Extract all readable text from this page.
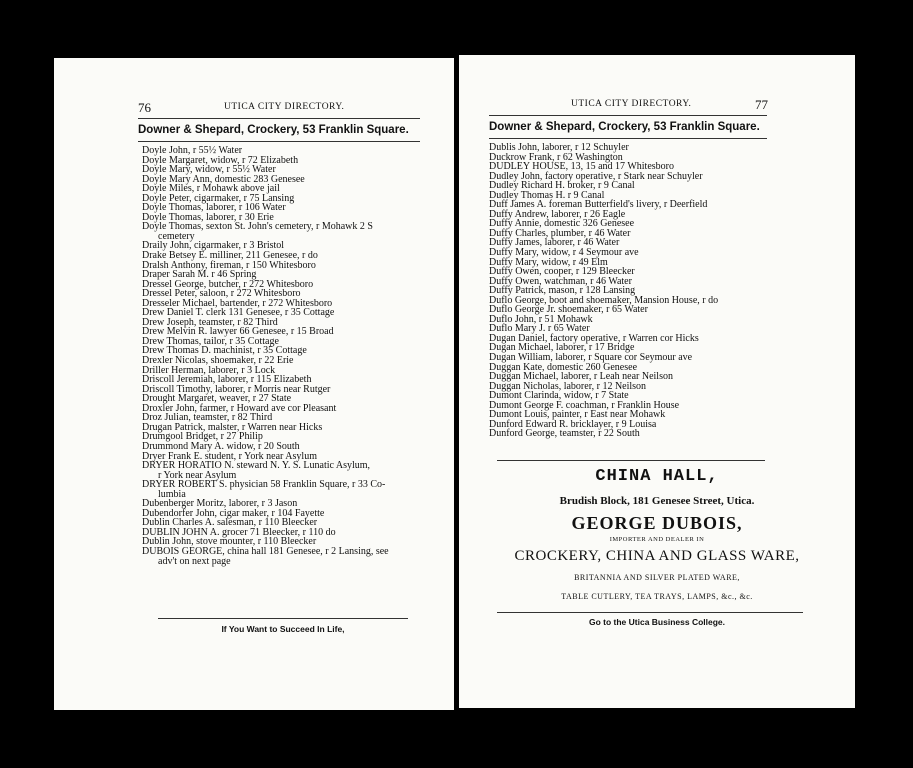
76	UTICA CITY DIRECTORY.
Downer & Shepard, Crockery, 53 Franklin Square.
Doyle John, r 55½ Water
Doyle Margaret, widow, r 72 Elizabeth
Doyle Mary, widow, r 55½ Water
Doyle Mary Ann, domestic 283 Genesee
Doyle Miles, r Mohawk above jail
Doyle Peter, cigarmaker, r 75 Lansing
Doyle Thomas, laborer, r 106 Water
Doyle Thomas, laborer, r 30 Erie
Doyle Thomas, sexton St. John's cemetery, r Mohawk 2 S
cemetery
Draily John, cigarmaker, r 3 Bristol
Drake Betsey E. milliner, 211 Genesee, r do
Dralsh Anthony, fireman, r 150 Whitesboro
Draper Sarah M. r 46 Spring
Dressel George, butcher, r 272 Whitesboro
Dressel Peter, saloon, r 272 Whitesboro
Dresseler Michael, bartender, r 272 Whitesboro
Drew Daniel T. clerk 131 Genesee, r 35 Cottage
Drew Joseph, teamster, r 82 Third
Drew Melvin R. lawyer 66 Genesee, r 15 Broad
Drew Thomas, tailor, r 35 Cottage
Drew Thomas D. machinist, r 35 Cottage
Drexler Nicolas, shoemaker, r 22 Erie
Driller Herman, laborer, r 3 Lock
Driscoll Jeremiah, laborer, r 115 Elizabeth
Driscoll Timothy, laborer, r Morris near Rutger
Drought Margaret, weaver, r 27 State
Droxler John, farmer, r Howard ave cor Pleasant
Droz Julian, teamster, r 82 Third
Drugan Patrick, malster, r Warren near Hicks
Drumgool Bridget, r 27 Philip
Drummond Mary A. widow, r 20 South
Dryer Frank E. student, r York near Asylum
DRYER HORATIO N. steward N. Y. S. Lunatic Asylum,
r York near Asylum
DRYER ROBERT S. physician 58 Franklin Square, r 33 Co-
lumbia
Dubenberger Moritz, laborer, r 3 Jason
Dubendorfer John, cigar maker, r 104 Fayette
Dublin Charles A. salesman, r 110 Bleecker
DUBLIN JOHN A. grocer 71 Bleecker, r 110 do
Dublin John, stove mounter, r 110 Bleecker
DUBOIS GEORGE, china hall 181 Genesee, r 2 Lansing, see
adv't on next page
If You Want to Succeed In Life,
UTICA CITY DIRECTORY.	77
Downer & Shepard, Crockery, 53 Franklin Square.
Dublis John, laborer, r 12 Schuyler
Duckrow Frank, r 62 Washington
DUDLEY HOUSE, 13, 15 and 17 Whitesboro
Dudley John, factory operative, r Stark near Schuyler
Dudley Richard H. broker, r 9 Canal
Dudley Thomas H. r 9 Canal
Duff James A. foreman Butterfield's livery, r Deerfield
Duffy Andrew, laborer, r 26 Eagle
Duffy Annie, domestic 326 Genesee
Duffy Charles, plumber, r 46 Water
Duffy James, laborer, r 46 Water
Duffy Mary, widow, r 4 Seymour ave
Duffy Mary, widow, r 49 Elm
Duffy Owen, cooper, r 129 Bleecker
Duffy Owen, watchman, r 46 Water
Duffy Patrick, mason, r 128 Lansing
Duflo George, boot and shoemaker, Mansion House, r do
Duflo George Jr. shoemaker, r 65 Water
Duflo John, r 51 Mohawk
Duflo Mary J. r 65 Water
Dugan Daniel, factory operative, r Warren cor Hicks
Dugan Michael, laborer, r 17 Bridge
Dugan William, laborer, r Square cor Seymour ave
Duggan Kate, domestic 260 Genesee
Duggan Michael, laborer, r Leah near Neilson
Duggan Nicholas, laborer, r 12 Neilson
Dumont Clarinda, widow, r 7 State
Dumont George F. coachman, r Franklin House
Dumont Louis, painter, r East near Mohawk
Dunford Edward R. bricklayer, r 9 Louisa
Dunford George, teamster, r 22 South
CHINA HALL,
Brudish Block, 181 Genesee Street, Utica.
GEORGE DUBOIS,
IMPORTER AND DEALER IN
CROCKERY, CHINA AND GLASS WARE,
BRITANNIA AND SILVER PLATED WARE,
TABLE CUTLERY, TEA TRAYS, LAMPS, &c., &c.
Go to the Utica Business College.
